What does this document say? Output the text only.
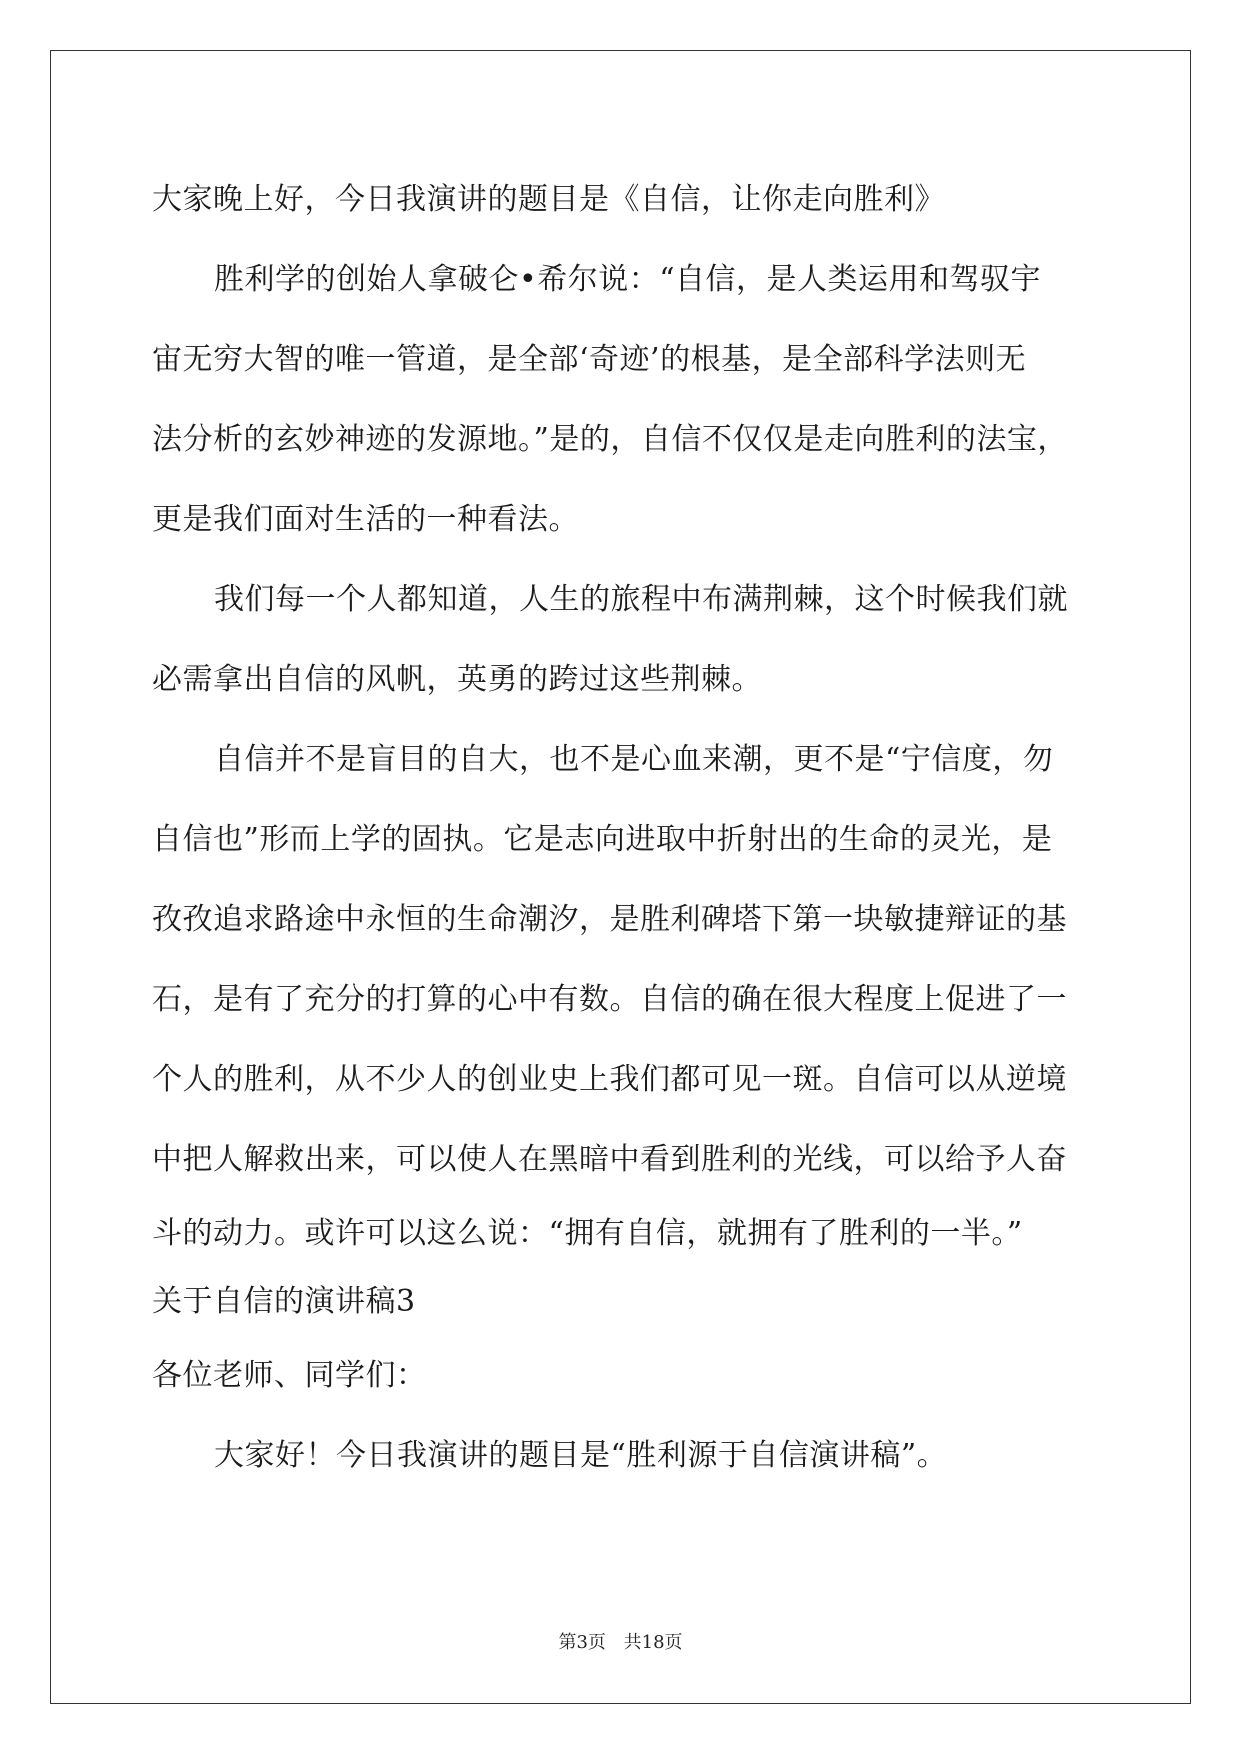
大家晚上好，今日我演讲的题目是《自信，让你走向胜利》
胜利学的创始人拿破仑•希尔说：“自信，是人类运用和驾驭宇
宙无穷大智的唯一管道，是全部‘奇迹’的根基，是全部科学法则无
法分析的玄妙神迹的发源地。”是的，自信不仅仅是走向胜利的法宝，
更是我们面对生活的一种看法。
我们每一个人都知道，人生的旅程中布满荆棘，这个时候我们就
必需拿出自信的风帆，英勇的跨过这些荆棘。
自信并不是盲目的自大，也不是心血来潮，更不是“宁信度，勿
自信也”形而上学的固执。它是志向进取中折射出的生命的灵光，是
孜孜追求路途中永恒的生命潮汐，是胜利碑塔下第一块敏捷辩证的基
石，是有了充分的打算的心中有数。自信的确在很大程度上促进了一
个人的胜利，从不少人的创业史上我们都可见一斑。自信可以从逆境
中把人解救出来，可以使人在黑暗中看到胜利的光线，可以给予人奋
斗的动力。或许可以这么说：“拥有自信，就拥有了胜利的一半。”
关于自信的演讲稿3
各位老师、同学们：
大家好！今日我演讲的题目是“胜利源于自信演讲稿”。
第3页 共18页
